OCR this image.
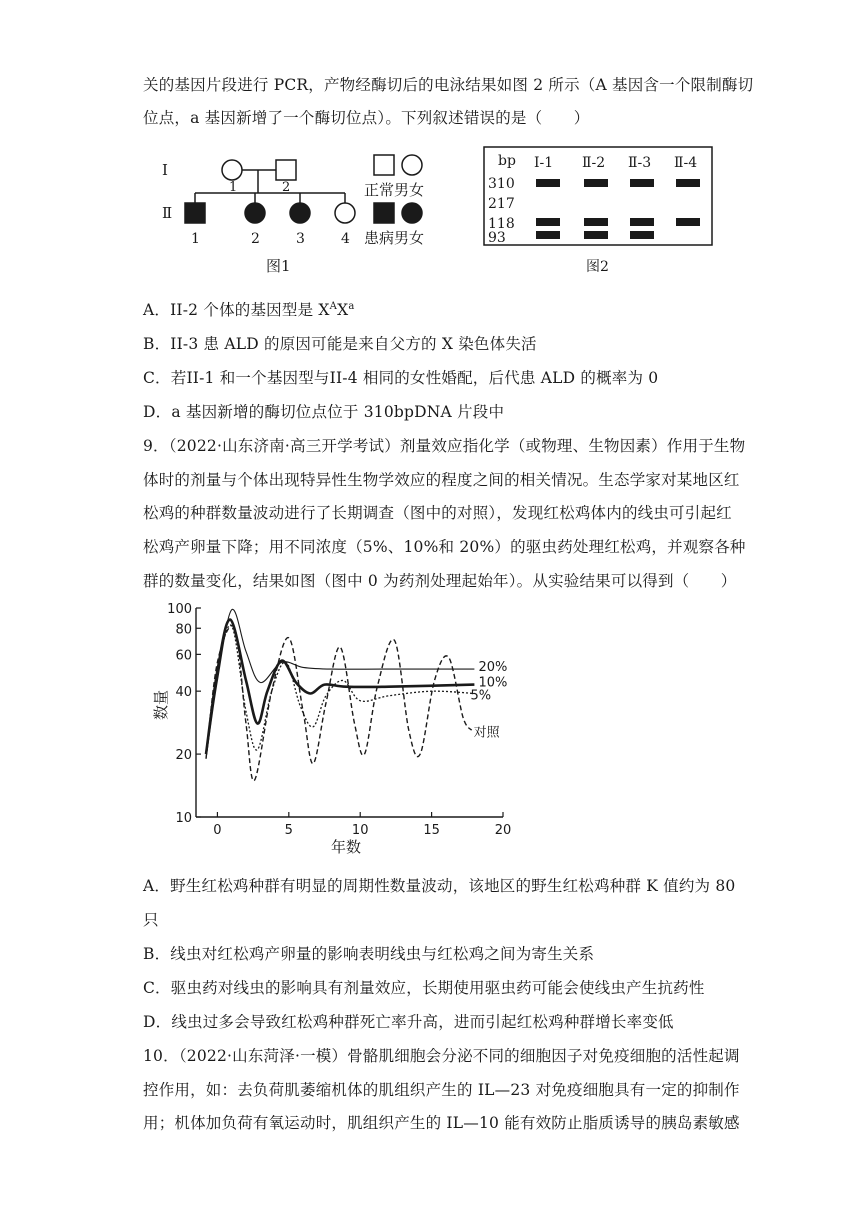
关的基因片段进行 PCR，产物经酶切后的电泳结果如图 2 所示（A 基因含一个限制酶切
位点，a 基因新增了一个酶切位点）。下列叙述错误的是（　　）
Ⅰ
Ⅱ
1	2
1	2	3	4
正常男女
患病男女
图1
bp Ⅰ-1 Ⅱ-2 Ⅱ-3 Ⅱ-4
310
217
118
93
图2
A．II-2 个体的基因型是 $X^AX^a$
B．II-3 患 ALD 的原因可能是来自父方的 X 染色体失活
C．若II-1 和一个基因型与II-4 相同的女性婚配，后代患 ALD 的概率为 0
D．a 基因新增的酶切位点位于 310bpDNA 片段中
9．（2022·山东济南·高三开学考试）剂量效应指化学（或物理、生物因素）作用于生物
体时的剂量与个体出现特异性生物学效应的程度之间的相关情况。生态学家对某地区红
松鸡的种群数量波动进行了长期调查（图中的对照），发现红松鸡体内的线虫可引起红
松鸡产卵量下降；用不同浓度（5%、10%和 20%）的驱虫药处理红松鸡，并观察各种
群的数量变化，结果如图（图中 0 为药剂处理起始年）。从实验结果可以得到（　　）
100
80
60
40
20
10
0	5	10	15	20
数量
年数
20%
10%
5%
对照
A．野生红松鸡种群有明显的周期性数量波动，该地区的野生红松鸡种群 K 值约为 80
只
B．线虫对红松鸡产卵量的影响表明线虫与红松鸡之间为寄生关系
C．驱虫药对线虫的影响具有剂量效应，长期使用驱虫药可能会使线虫产生抗药性
D．线虫过多会导致红松鸡种群死亡率升高，进而引起红松鸡种群增长率变低
10．（2022·山东菏泽·一模）骨骼肌细胞会分泌不同的细胞因子对免疫细胞的活性起调
控作用，如：去负荷肌萎缩机体的肌组织产生的 IL—23 对免疫细胞具有一定的抑制作
用；机体加负荷有氧运动时，肌组织产生的 IL—10 能有效防止脂质诱导的胰岛素敏感
